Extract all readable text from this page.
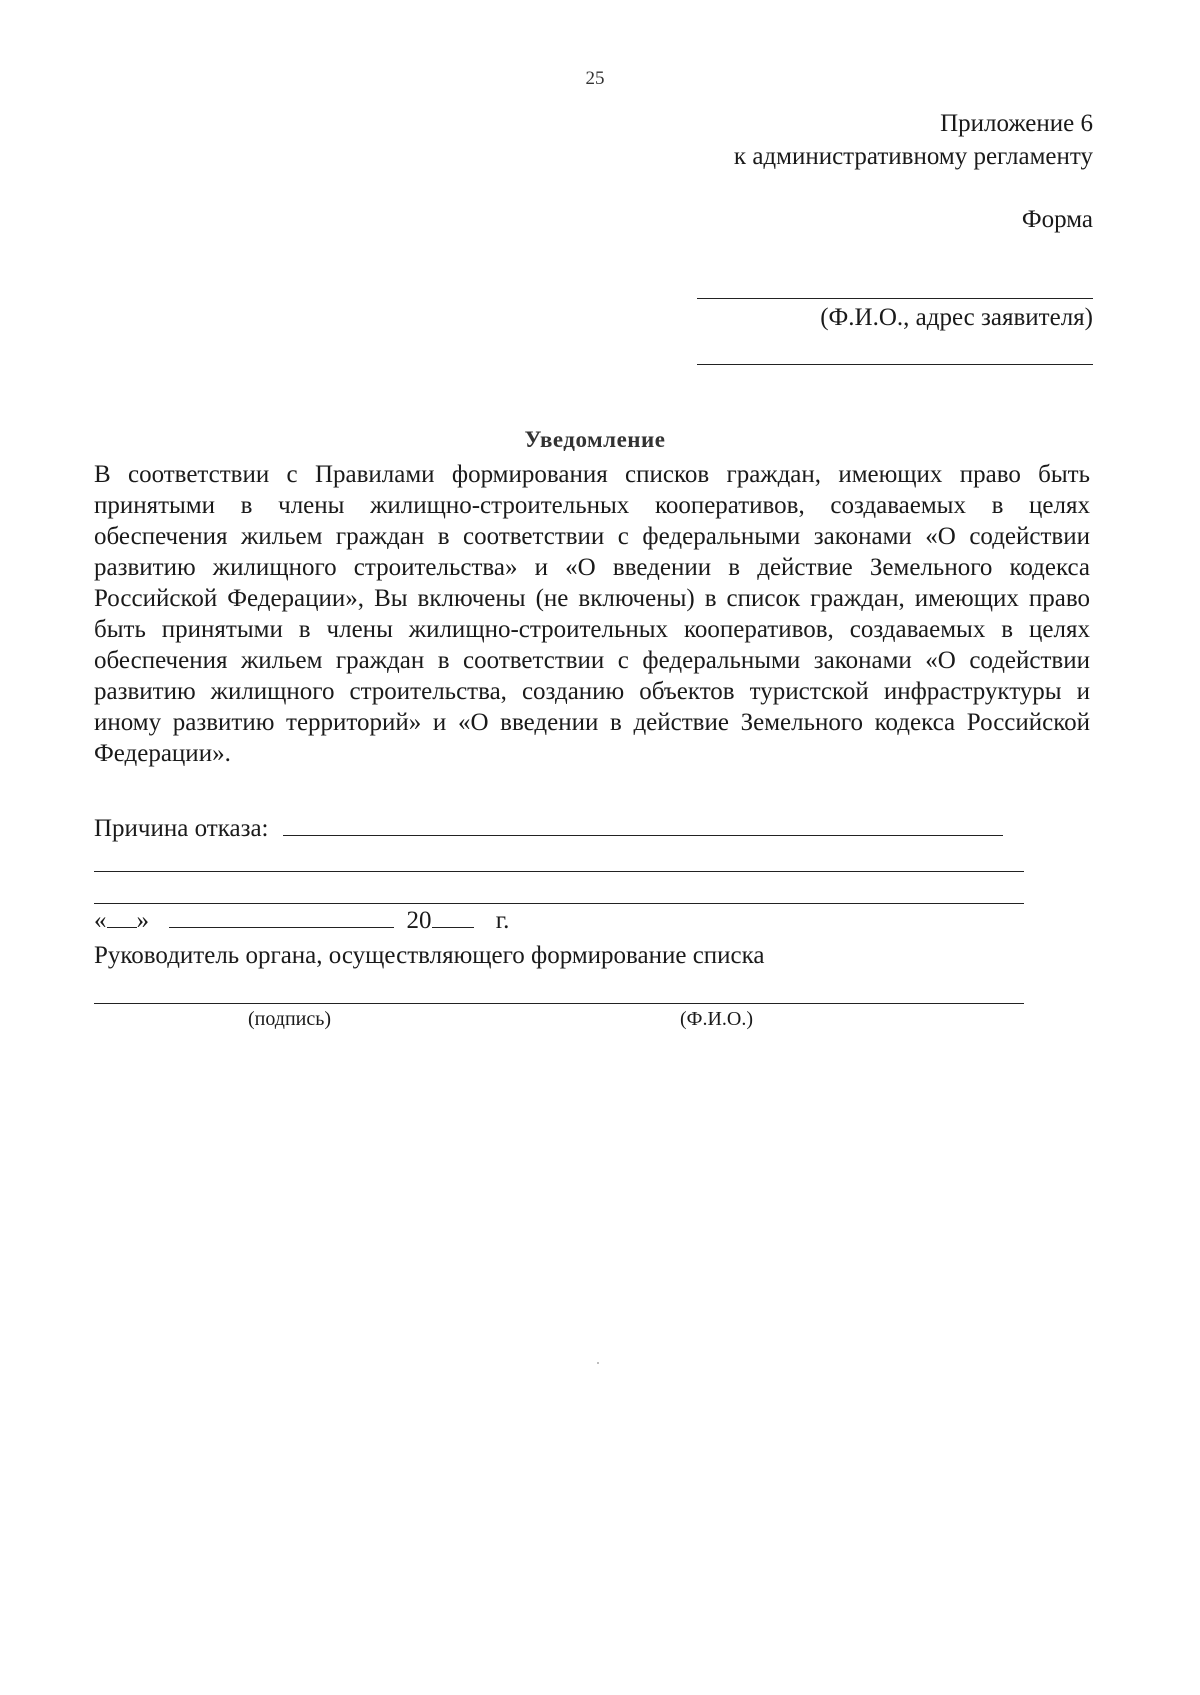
25
Приложение 6
к административному регламенту
Форма
(Ф.И.О., адрес заявителя)
Уведомление
В соответствии с Правилами формирования списков граждан, имеющих право быть принятыми в члены жилищно-строительных кооперативов, создаваемых в целях обеспечения жильем граждан в соответствии с федеральными законами «О содействии развитию жилищного строительства» и «О введении в действие Земельного кодекса Российской Федерации», Вы включены (не включены) в список граждан, имеющих право быть принятыми в члены жилищно-строительных кооперативов, создаваемых в целях обеспечения жильем граждан в соответствии с федеральными законами «О содействии развитию жилищного строительства, созданию объектов туристской инфраструктуры и иному развитию территорий» и «О введении в действие Земельного кодекса Российской Федерации».
Причина отказа:
« »	20	г.
Руководитель органа, осуществляющего формирование списка
(подпись)	(Ф.И.О.)
